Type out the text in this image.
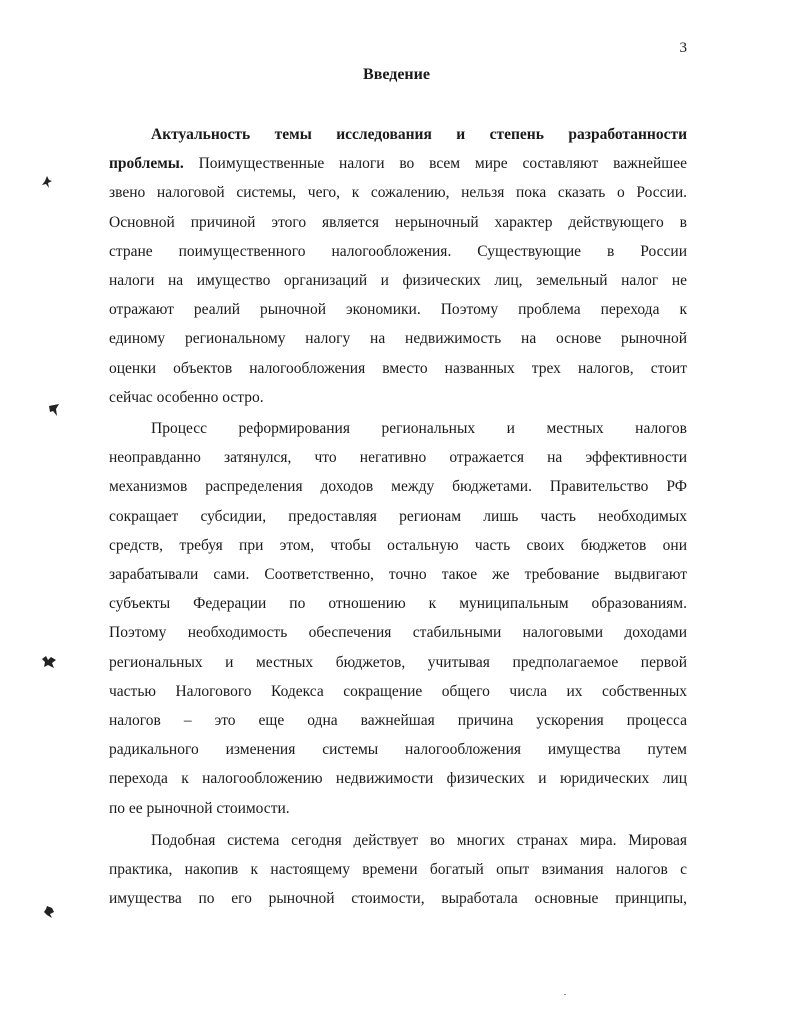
3
Введение
Актуальность темы исследования и степень разработанности
проблемы. Поимущественные налоги во всем мире составляют важнейшее
звено налоговой системы, чего, к сожалению, нельзя пока сказать о России.
Основной причиной этого является нерыночный характер действующего в
стране поимущественного налогообложения. Существующие в России
налоги на имущество организаций и физических лиц, земельный налог не
отражают реалий рыночной экономики. Поэтому проблема перехода к
единому региональному налогу на недвижимость на основе рыночной
оценки объектов налогообложения вместо названных трех налогов, стоит
сейчас особенно остро.
Процесс реформирования региональных и местных налогов
неоправданно затянулся, что негативно отражается на эффективности
механизмов распределения доходов между бюджетами. Правительство РФ
сокращает субсидии, предоставляя регионам лишь часть необходимых
средств, требуя при этом, чтобы остальную часть своих бюджетов они
зарабатывали сами. Соответственно, точно такое же требование выдвигают
субъекты Федерации по отношению к муниципальным образованиям.
Поэтому необходимость обеспечения стабильными налоговыми доходами
региональных и местных бюджетов, учитывая предполагаемое первой
частью Налогового Кодекса сокращение общего числа их собственных
налогов – это еще одна важнейшая причина ускорения процесса
радикального изменения системы налогообложения имущества путем
перехода к налогообложению недвижимости физических и юридических лиц
по ее рыночной стоимости.
Подобная система сегодня действует во многих странах мира. Мировая
практика, накопив к настоящему времени богатый опыт взимания налогов с
имущества по его рыночной стоимости, выработала основные принципы,
